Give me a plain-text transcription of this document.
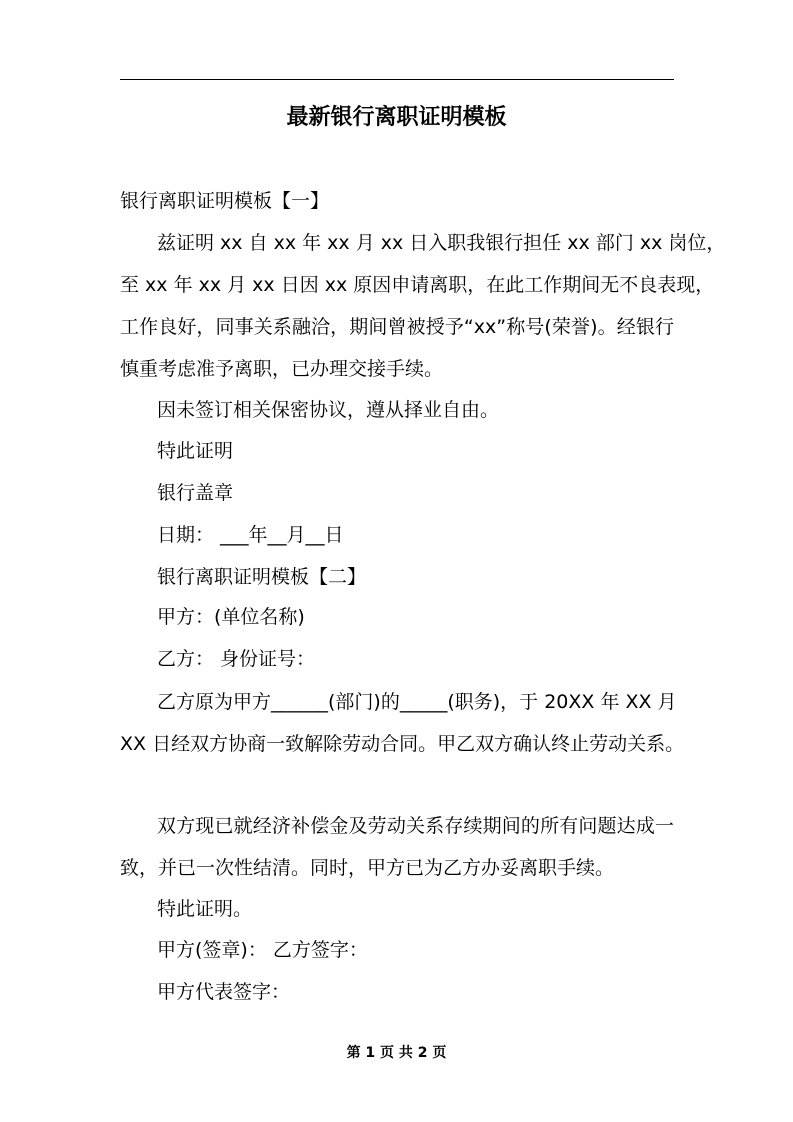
最新银行离职证明模板
银行离职证明模板【一】
兹证明 xx 自 xx 年 xx 月 xx 日入职我银行担任 xx 部门 xx 岗位，
至 xx 年 xx 月 xx 日因 xx 原因申请离职，在此工作期间无不良表现，
工作良好，同事关系融洽，期间曾被授予“xx”称号(荣誉)。经银行
慎重考虑准予离职，已办理交接手续。
因未签订相关保密协议，遵从择业自由。
特此证明
银行盖章
日期： ___年__月__日
银行离职证明模板【二】
甲方：(单位名称)
乙方： 身份证号：
乙方原为甲方______(部门)的_____(职务)，于 20XX 年 XX 月
XX 日经双方协商一致解除劳动合同。甲乙双方确认终止劳动关系。
双方现已就经济补偿金及劳动关系存续期间的所有问题达成一
致，并已一次性结清。同时，甲方已为乙方办妥离职手续。
特此证明。
甲方(签章)： 乙方签字：
甲方代表签字：
第 1 页 共 2 页
